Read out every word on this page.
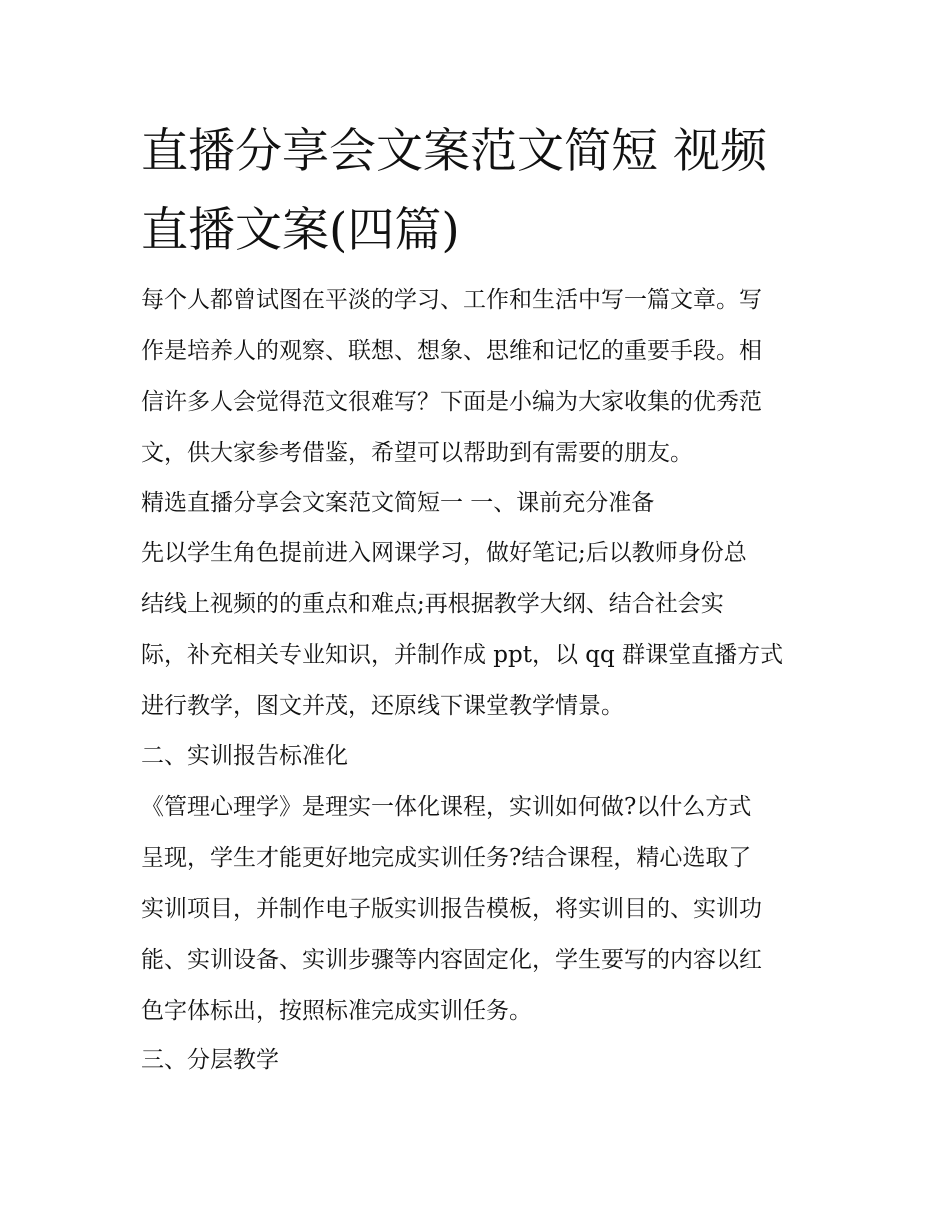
直播分享会文案范文简短 视频
直播文案(四篇)

每个人都曾试图在平淡的学习、工作和生活中写一篇文章。写
作是培养人的观察、联想、想象、思维和记忆的重要手段。相
信许多人会觉得范文很难写？下面是小编为大家收集的优秀范
文，供大家参考借鉴，希望可以帮助到有需要的朋友。

精选直播分享会文案范文简短一 一、课前充分准备

先以学生角色提前进入网课学习，做好笔记;后以教师身份总
结线上视频的的重点和难点;再根据教学大纲、结合社会实
际，补充相关专业知识，并制作成 ppt，以 qq 群课堂直播方式
进行教学，图文并茂，还原线下课堂教学情景。

二、实训报告标准化

《管理心理学》是理实一体化课程，实训如何做?以什么方式
呈现，学生才能更好地完成实训任务?结合课程，精心选取了
实训项目，并制作电子版实训报告模板，将实训目的、实训功
能、实训设备、实训步骤等内容固定化，学生要写的内容以红
色字体标出，按照标准完成实训任务。

三、分层教学
